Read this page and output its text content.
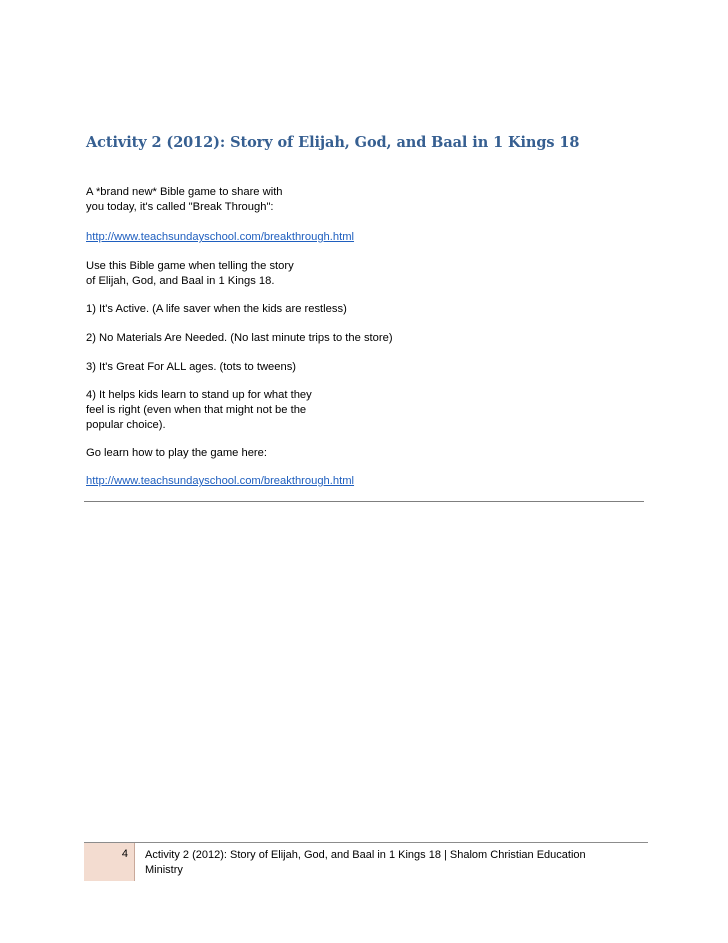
Activity 2 (2012): Story of Elijah, God, and Baal in 1 Kings 18
A *brand new* Bible game to share with
you today, it's called "Break Through":
http://www.teachsundayschool.com/breakthrough.html
Use this Bible game when telling the story
of Elijah, God, and Baal in 1 Kings 18.
1) It's Active. (A life saver when the kids are restless)
2) No Materials Are Needed. (No last minute trips to the store)
3) It's Great For ALL ages. (tots to tweens)
4) It helps kids learn to stand up for what they
feel is right (even when that might not be the
popular choice).
Go learn how to play the game here:
http://www.teachsundayschool.com/breakthrough.html
4 Activity 2 (2012): Story of Elijah, God, and Baal in 1 Kings 18 | Shalom Christian Education
Ministry
